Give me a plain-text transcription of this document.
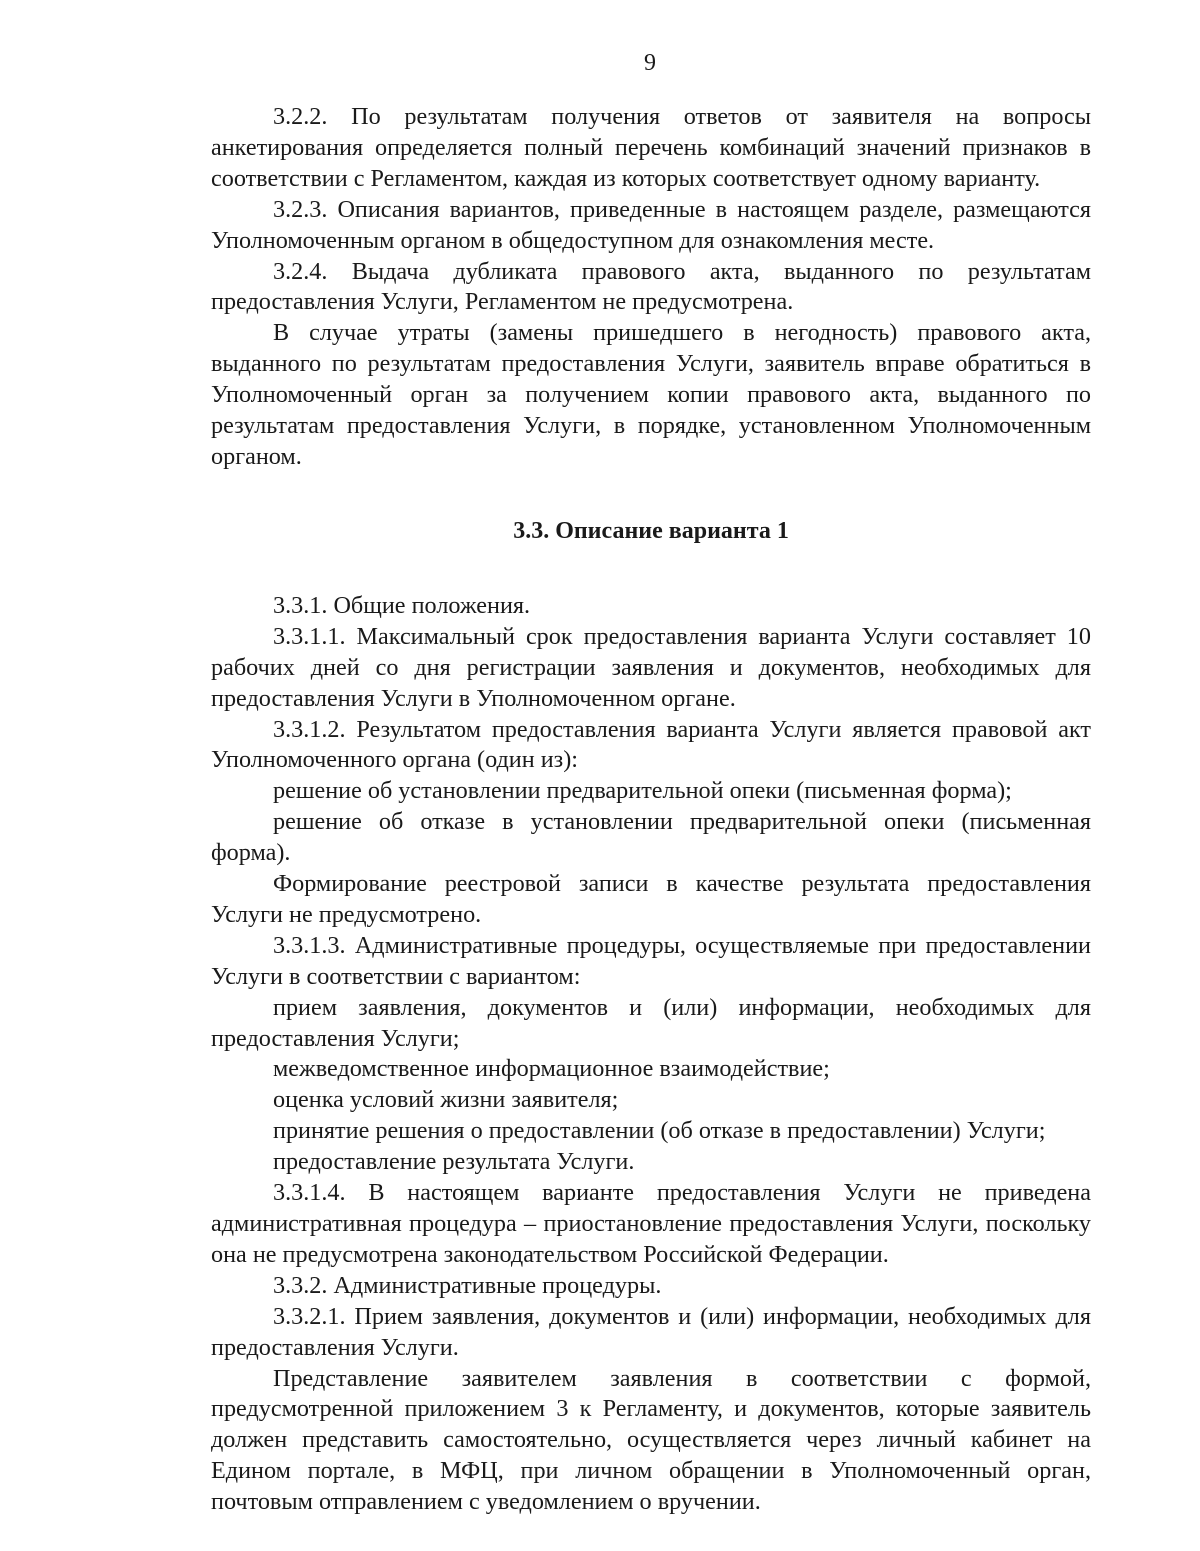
9

3.2.2. По результатам получения ответов от заявителя на вопросы анкетирования определяется полный перечень комбинаций значений признаков в соответствии с Регламентом, каждая из которых соответствует одному варианту.

3.2.3. Описания вариантов, приведенные в настоящем разделе, размещаются Уполномоченным органом в общедоступном для ознакомления месте.

3.2.4. Выдача дубликата правового акта, выданного по результатам предоставления Услуги, Регламентом не предусмотрена.

В случае утраты (замены пришедшего в негодность) правового акта, выданного по результатам предоставления Услуги, заявитель вправе обратиться в Уполномоченный орган за получением копии правового акта, выданного по результатам предоставления Услуги, в порядке, установленном Уполномоченным органом.

3.3. Описание варианта 1

3.3.1. Общие положения.

3.3.1.1. Максимальный срок предоставления варианта Услуги составляет 10 рабочих дней со дня регистрации заявления и документов, необходимых для предоставления Услуги в Уполномоченном органе.

3.3.1.2. Результатом предоставления варианта Услуги является правовой акт Уполномоченного органа (один из):

решение об установлении предварительной опеки (письменная форма);

решение об отказе в установлении предварительной опеки (письменная форма).

Формирование реестровой записи в качестве результата предоставления Услуги не предусмотрено.

3.3.1.3. Административные процедуры, осуществляемые при предоставлении Услуги в соответствии с вариантом:

прием заявления, документов и (или) информации, необходимых для предоставления Услуги;

межведомственное информационное взаимодействие;

оценка условий жизни заявителя;

принятие решения о предоставлении (об отказе в предоставлении) Услуги;

предоставление результата Услуги.

3.3.1.4. В настоящем варианте предоставления Услуги не приведена административная процедура – приостановление предоставления Услуги, поскольку она не предусмотрена законодательством Российской Федерации.

3.3.2. Административные процедуры.

3.3.2.1. Прием заявления, документов и (или) информации, необходимых для предоставления Услуги.

Представление заявителем заявления в соответствии с формой, предусмотренной приложением 3 к Регламенту, и документов, которые заявитель должен представить самостоятельно, осуществляется через личный кабинет на Едином портале, в МФЦ, при личном обращении в Уполномоченный орган, почтовым отправлением с уведомлением о вручении.
